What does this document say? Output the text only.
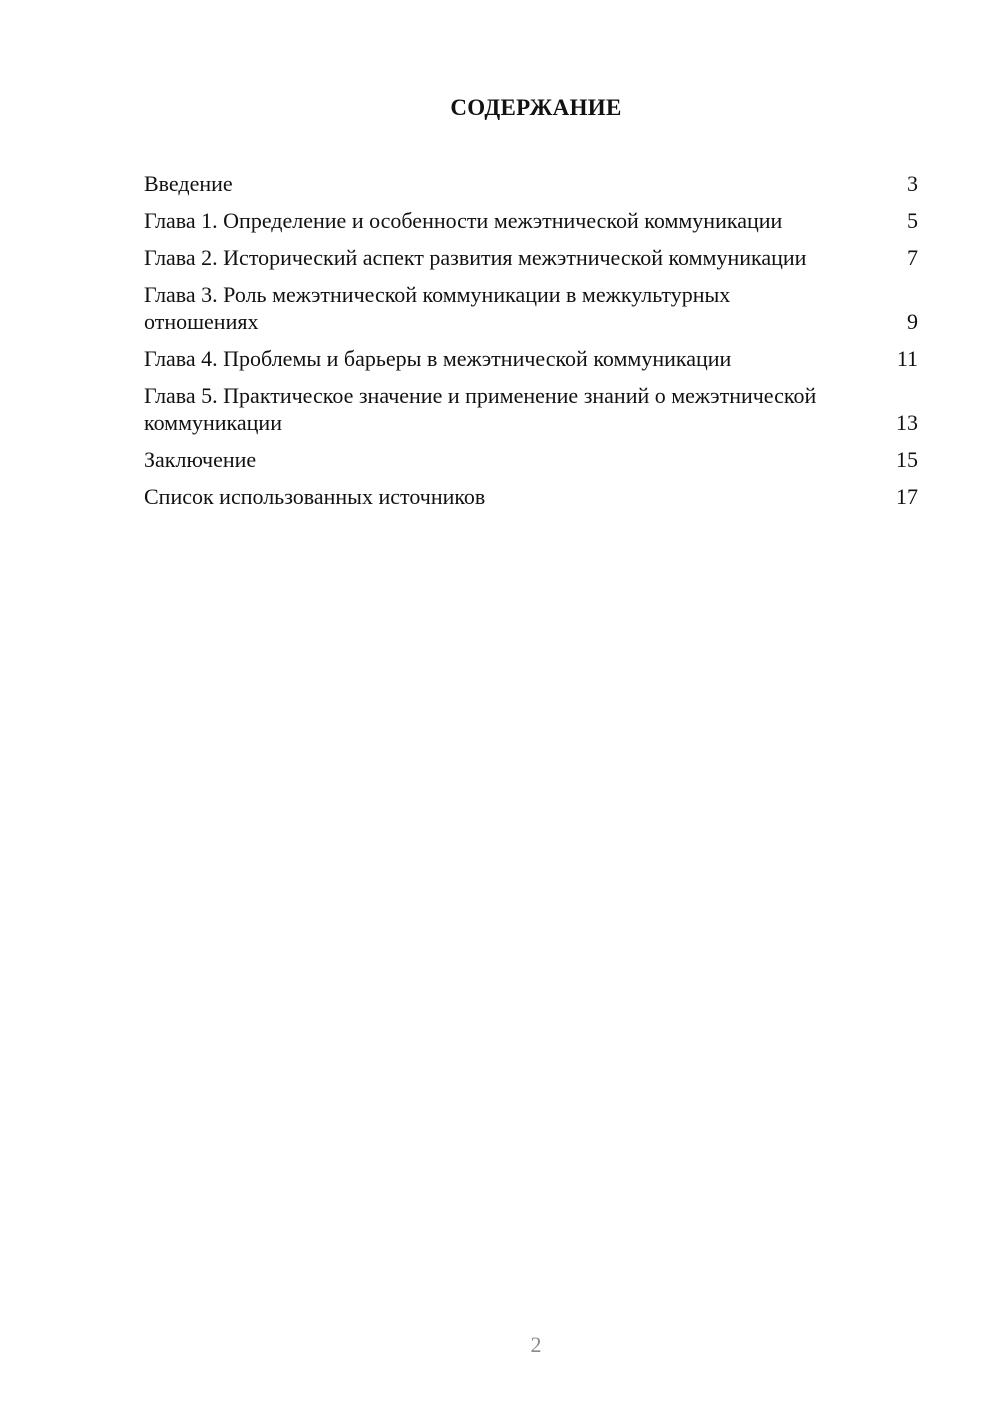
СОДЕРЖАНИЕ
Введение	3
Глава 1. Определение и особенности межэтнической коммуникации	5
Глава 2. Исторический аспект развития межэтнической коммуникации	7
Глава 3. Роль межэтнической коммуникации в межкультурных отношениях	9
Глава 4. Проблемы и барьеры в межэтнической коммуникации	11
Глава 5. Практическое значение и применение знаний о межэтнической коммуникации	13
Заключение	15
Список использованных источников	17
2
